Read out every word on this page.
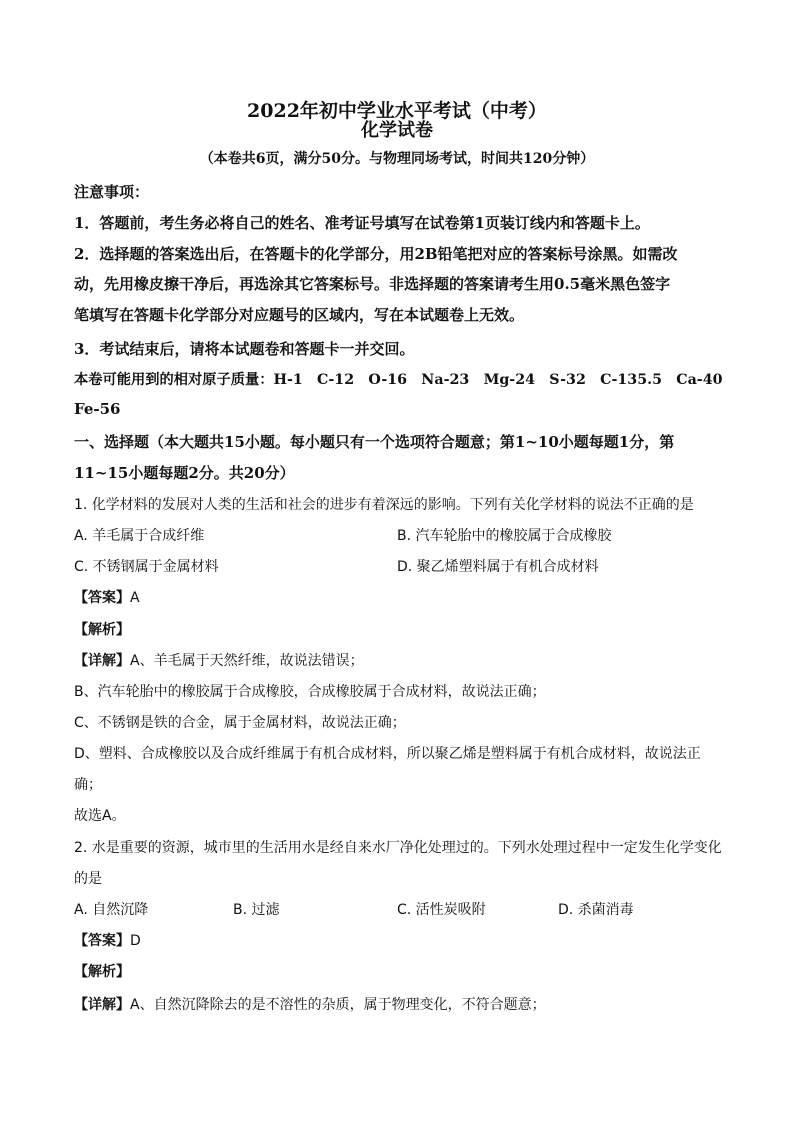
2022年初中学业水平考试（中考）
化学试卷
（本卷共6页，满分50分。与物理同场考试，时间共120分钟）
注意事项：
1．答题前，考生务必将自己的姓名、准考证号填写在试卷第1页装订线内和答题卡上。
2．选择题的答案选出后，在答题卡的化学部分，用2B铅笔把对应的答案标号涂黑。如需改
动，先用橡皮擦干净后，再选涂其它答案标号。非选择题的答案请考生用0.5毫米黑色签字
笔填写在答题卡化学部分对应题号的区域内，写在本试题卷上无效。
3．考试结束后，请将本试题卷和答题卡一并交回。
本卷可能用到的相对原子质量：H-1　C-12　O-16　Na-23　Mg-24　S-32　C-135.5　Ca-40
Fe-56
一、选择题（本大题共15小题。每小题只有一个选项符合题意；第1~10小题每题1分，第
11~15小题每题2分。共20分）
1. 化学材料的发展对人类的生活和社会的进步有着深远的影响。下列有关化学材料的说法不正确的是
A. 羊毛属于合成纤维	B. 汽车轮胎中的橡胶属于合成橡胶
C. 不锈钢属于金属材料	D. 聚乙烯塑料属于有机合成材料
【答案】A
【解析】
【详解】A、羊毛属于天然纤维，故说法错误；
B、汽车轮胎中的橡胶属于合成橡胶，合成橡胶属于合成材料，故说法正确；
C、不锈钢是铁的合金，属于金属材料，故说法正确；
D、塑料、合成橡胶以及合成纤维属于有机合成材料，所以聚乙烯是塑料属于有机合成材料，故说法正
确；
故选A。
2. 水是重要的资源，城市里的生活用水是经自来水厂净化处理过的。下列水处理过程中一定发生化学变化
的是
A. 自然沉降	B. 过滤	C. 活性炭吸附	D. 杀菌消毒
【答案】D
【解析】
【详解】A、自然沉降除去的是不溶性的杂质，属于物理变化，不符合题意；
